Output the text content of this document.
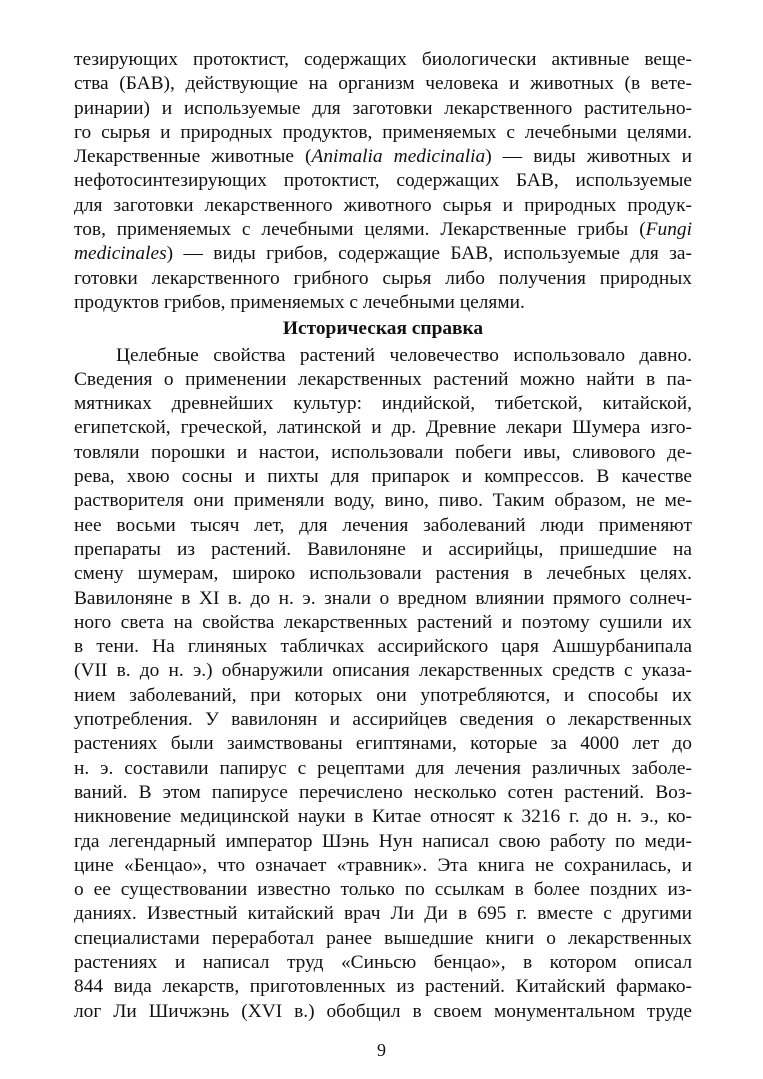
тезирующих протоктист, содержащих биологически активные веще-
ства (БАВ), действующие на организм человека и животных (в вете-
ринарии) и используемые для заготовки лекарственного растительно-
го сырья и природных продуктов, применяемых с лечебными целями.
Лекарственные животные (Animalia medicinalia) — виды животных и
нефотосинтезирующих протоктист, содержащих БАВ, используемые
для заготовки лекарственного животного сырья и природных продук-
тов, применяемых с лечебными целями. Лекарственные грибы (Fungi
medicinales) — виды грибов, содержащие БАВ, используемые для за-
готовки лекарственного грибного сырья либо получения природных
продуктов грибов, применяемых с лечебными целями.
Историческая справка
Целебные свойства растений человечество использовало давно.
Сведения о применении лекарственных растений можно найти в па-
мятниках древнейших культур: индийской, тибетской, китайской,
египетской, греческой, латинской и др. Древние лекари Шумера изго-
товляли порошки и настои, использовали побеги ивы, сливового де-
рева, хвою сосны и пихты для припарок и компрессов. В качестве
растворителя они применяли воду, вино, пиво. Таким образом, не ме-
нее восьми тысяч лет, для лечения заболеваний люди применяют
препараты из растений. Вавилоняне и ассирийцы, пришедшие на
смену шумерам, широко использовали растения в лечебных целях.
Вавилоняне в XI в. до н. э. знали о вредном влиянии прямого солнеч-
ного света на свойства лекарственных растений и поэтому сушили их
в тени. На глиняных табличках ассирийского царя Ашшурбанипала
(VII в. до н. э.) обнаружили описания лекарственных средств с указа-
нием заболеваний, при которых они употребляются, и способы их
употребления. У вавилонян и ассирийцев сведения о лекарственных
растениях были заимствованы египтянами, которые за 4000 лет до
н. э. составили папирус с рецептами для лечения различных заболе-
ваний. В этом папирусе перечислено несколько сотен растений. Воз-
никновение медицинской науки в Китае относят к 3216 г. до н. э., ко-
гда легендарный император Шэнь Нун написал свою работу по меди-
цине «Бенцао», что означает «травник». Эта книга не сохранилась, и
о ее существовании известно только по ссылкам в более поздних из-
даниях. Известный китайский врач Ли Ди в 695 г. вместе с другими
специалистами переработал ранее вышедшие книги о лекарственных
растениях и написал труд «Синьсю бенцао», в котором описал
844 вида лекарств, приготовленных из растений. Китайский фармако-
лог Ли Шичжэнь (XVI в.) обобщил в своем монументальном труде
9
